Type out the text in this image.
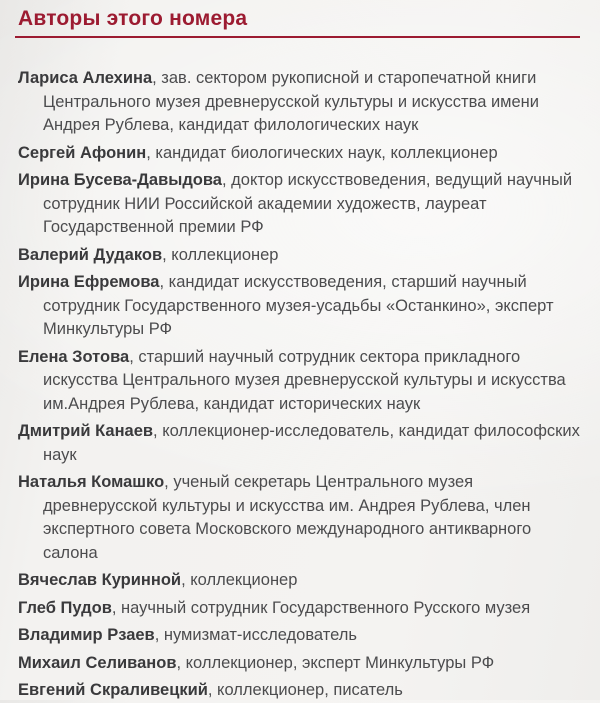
Авторы этого номера

Лариса Алехина, зав. сектором рукописной и старопечатной книги Центрального музея древнерусской культуры и искусства имени Андрея Рублева, кандидат филологических наук

Сергей Афонин, кандидат биологических наук, коллекционер

Ирина Бусева-Давыдова, доктор искусствоведения, ведущий научный сотрудник НИИ Российской академии художеств, лауреат Государственной премии РФ

Валерий Дудаков, коллекционер

Ирина Ефремова, кандидат искусствоведения, старший научный сотрудник Государственного музея-усадьбы «Останкино», эксперт Минкультуры РФ

Елена Зотова, старший научный сотрудник сектора прикладного искусства Центрального музея древнерусской культуры и искусства им.Андрея Рублева, кандидат исторических наук

Дмитрий Канаев, коллекционер-исследователь, кандидат философских наук

Наталья Комашко, ученый секретарь Центрального музея древнерусской культуры и искусства им. Андрея Рублева, член экспертного совета Московского международного антикварного салона

Вячеслав Куринной, коллекционер

Глеб Пудов, научный сотрудник Государственного Русского музея

Владимир Рзаев, нумизмат-исследователь

Михаил Селиванов, коллекционер, эксперт Минкультуры РФ

Евгений Скраливецкий, коллекционер, писатель
